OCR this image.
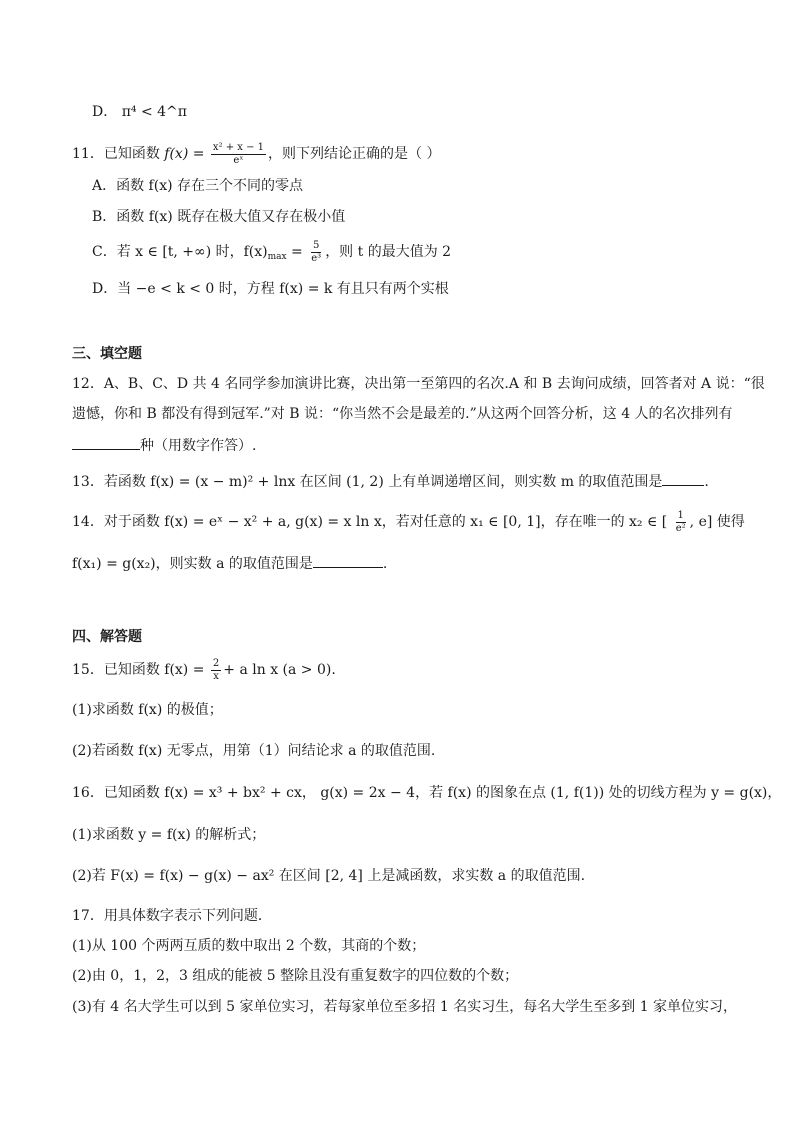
D． π⁴ < 4^π
11．已知函数 $f(x) = \frac{\text{x² + x − 1}}{\text{eˣ}}$ ，则下列结论正确的是（ ）
A．函数 f(x) 存在三个不同的零点
B．函数 f(x) 既存在极大值又存在极小值
C．若 x ∈ [t, +∞) 时，$f(x)_{max} = \frac{5}{\text{e³}}$ ，则 t 的最大值为 2
D．当 −e < k < 0 时，方程 f(x) = k 有且只有两个实根
三、填空题
12．A、B、C、D 共 4 名同学参加演讲比赛，决出第一至第四的名次.A 和 B 去询问成绩，回答者对 A 说：“很
遗憾，你和 B 都没有得到冠军.”对 B 说：“你当然不会是最差的.”从这两个回答分析，这 4 人的名次排列有
种（用数字作答）.
13．若函数 f(x) = (x − m)² + lnx 在区间 (1, 2) 上有单调递增区间，则实数 m 的取值范围是	.
14．对于函数 f(x) = eˣ − x² + a, g(x) = x ln x，若对任意的 x₁ ∈ [0, 1]，存在唯一的 x₂ ∈ [ $\frac{1}{\text{e²}}$ , e] 使得
f(x₁) = g(x₂)，则实数 a 的取值范围是	.
四、解答题
15．已知函数 $f(x) = \frac{2}{x} + a$ ln x (a > 0).
(1)求函数 f(x) 的极值；
(2)若函数 f(x) 无零点，用第（1）问结论求 a 的取值范围.
16．已知函数 f(x) = x³ + bx² + cx， g(x) = 2x − 4，若 f(x) 的图象在点 (1, f(1)) 处的切线方程为 y = g(x)，
(1)求函数 y = f(x) 的解析式；
(2)若 F(x) = f(x) − g(x) − ax² 在区间 [2, 4] 上是减函数，求实数 a 的取值范围.
17．用具体数字表示下列问题．
(1)从 100 个两两互质的数中取出 2 个数，其商的个数；
(2)由 0，1，2，3 组成的能被 5 整除且没有重复数字的四位数的个数；
(3)有 4 名大学生可以到 5 家单位实习，若每家单位至多招 1 名实习生，每名大学生至多到 1 家单位实习，
